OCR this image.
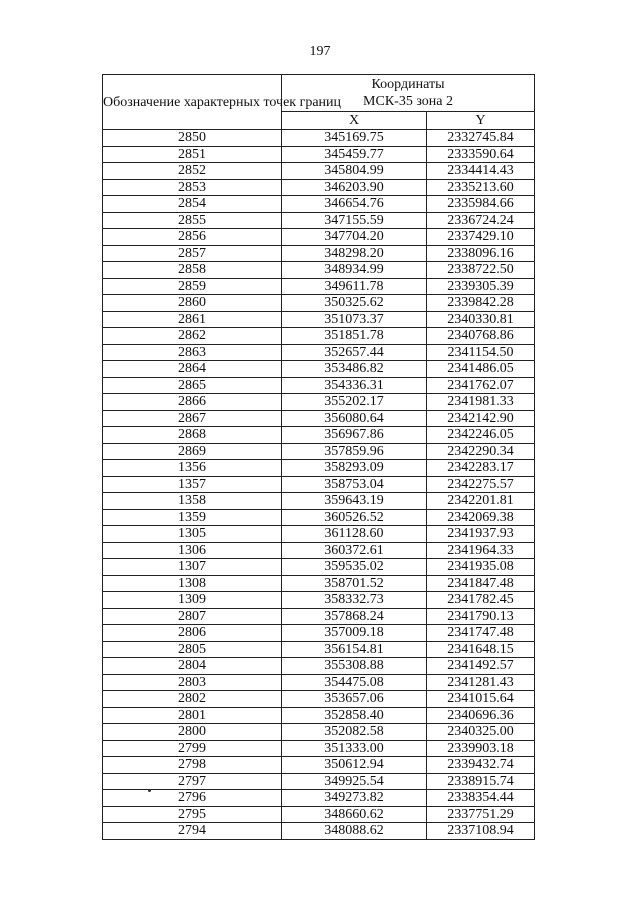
197
Обозначение характерных точек границ	Координаты
МСК-35 зона 2	

	X	Y
2850	345169.75	2332745.84
2851	345459.77	2333590.64
2852	345804.99	2334414.43
2853	346203.90	2335213.60
2854	346654.76	2335984.66
2855	347155.59	2336724.24
2856	347704.20	2337429.10
2857	348298.20	2338096.16
2858	348934.99	2338722.50
2859	349611.78	2339305.39
2860	350325.62	2339842.28
2861	351073.37	2340330.81
2862	351851.78	2340768.86
2863	352657.44	2341154.50
2864	353486.82	2341486.05
2865	354336.31	2341762.07
2866	355202.17	2341981.33
2867	356080.64	2342142.90
2868	356967.86	2342246.05
2869	357859.96	2342290.34
1356	358293.09	2342283.17
1357	358753.04	2342275.57
1358	359643.19	2342201.81
1359	360526.52	2342069.38
1305	361128.60	2341937.93
1306	360372.61	2341964.33
1307	359535.02	2341935.08
1308	358701.52	2341847.48
1309	358332.73	2341782.45
2807	357868.24	2341790.13
2806	357009.18	2341747.48
2805	356154.81	2341648.15
2804	355308.88	2341492.57
2803	354475.08	2341281.43
2802	353657.06	2341015.64
2801	352858.40	2340696.36
2800	352082.58	2340325.00
2799	351333.00	2339903.18
2798	350612.94	2339432.74
2797	349925.54	2338915.74
2796	349273.82	2338354.44
2795	348660.62	2337751.29
2794	348088.62	2337108.94
